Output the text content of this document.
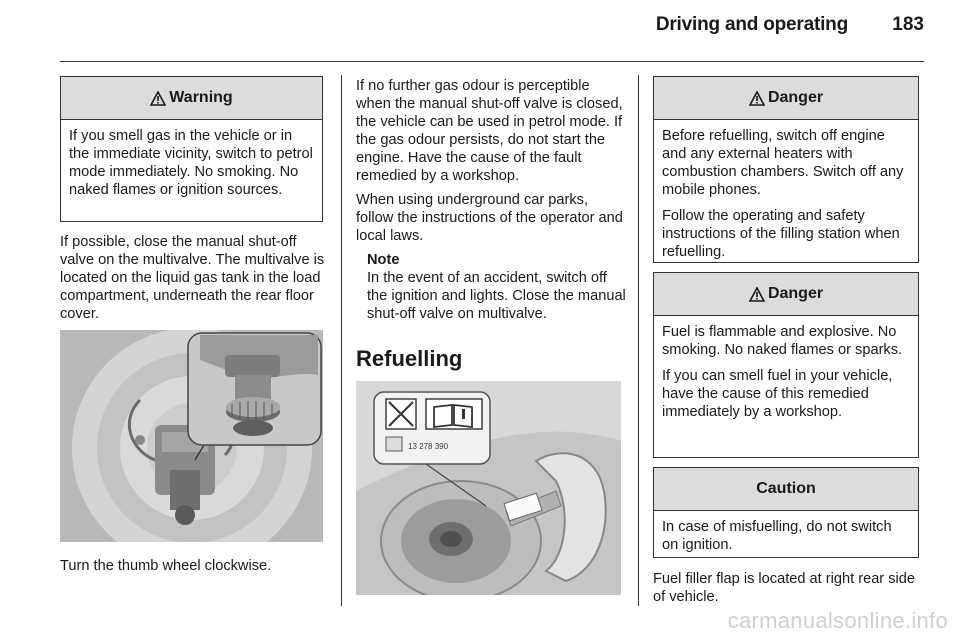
Driving and operating	183
Warning

If you smell gas in the vehicle or in the immediate vicinity, switch to petrol mode immediately. No smoking. No naked flames or ignition sources.

If possible, close the manual shut-off valve on the multivalve. The multivalve is located on the liquid gas tank in the load compartment, underneath the rear floor cover.

Turn the thumb wheel clockwise.

If no further gas odour is perceptible when the manual shut-off valve is closed, the vehicle can be used in petrol mode. If the gas odour persists, do not start the engine. Have the cause of the fault remedied by a workshop.

When using underground car parks, follow the instructions of the operator and local laws.

Note
In the event of an accident, switch off the ignition and lights. Close the manual shut-off valve on multivalve.
Refuelling
13 278 390
Danger

Before refuelling, switch off engine and any external heaters with combustion chambers. Switch off any mobile phones.

Follow the operating and safety instructions of the filling station when refuelling.

Danger

Fuel is flammable and explosive. No smoking. No naked flames or sparks.

If you can smell fuel in your vehicle, have the cause of this remedied immediately by a workshop.

Caution

In case of misfuelling, do not switch on ignition.

Fuel filler flap is located at right rear side of vehicle.

carmanualsonline.info
